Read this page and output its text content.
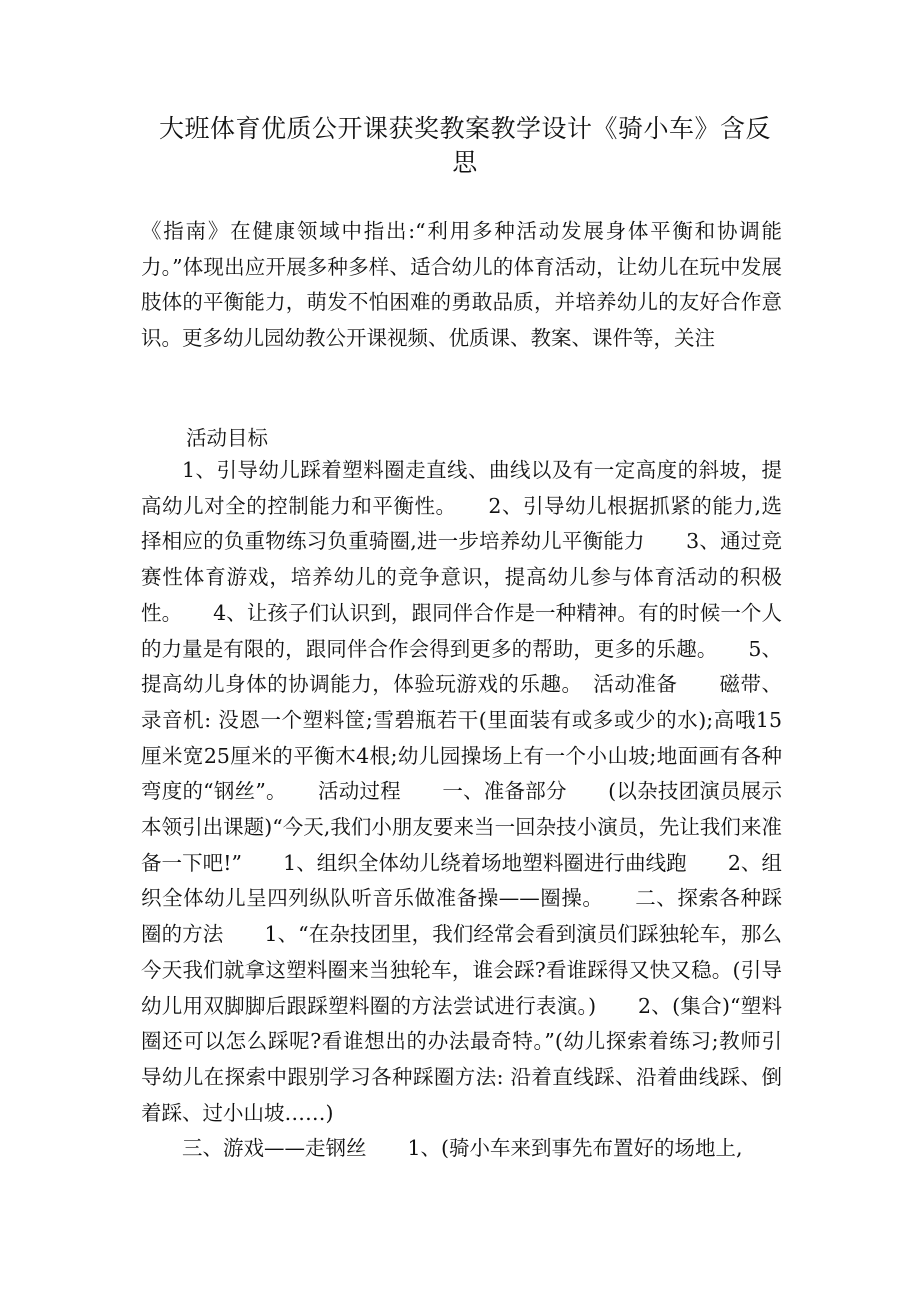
大班体育优质公开课获奖教案教学设计《骑小车》含反思

《指南》在健康领域中指出:“利用多种活动发展身体平衡和协调能力。”体现出应开展多种多样、适合幼儿的体育活动，让幼儿在玩中发展肢体的平衡能力，萌发不怕困难的勇敢品质，并培养幼儿的友好合作意识。更多幼儿园幼教公开课视频、优质课、教案、课件等，关注

活动目标

1、引导幼儿踩着塑料圈走直线、曲线以及有一定高度的斜坡，提高幼儿对全的控制能力和平衡性。　　2、引导幼儿根据抓紧的能力,选择相应的负重物练习负重骑圈,进一步培养幼儿平衡能力　　3、通过竞赛性体育游戏，培养幼儿的竞争意识，提高幼儿参与体育活动的积极性。　　4、让孩子们认识到，跟同伴合作是一种精神。有的时候一个人的力量是有限的，跟同伴合作会得到更多的帮助，更多的乐趣。　　5、提高幼儿身体的协调能力，体验玩游戏的乐趣。　活动准备　　磁带、录音机: 没恩一个塑料筐;雪碧瓶若干(里面装有或多或少的水);高哦15厘米宽25厘米的平衡木4根;幼儿园操场上有一个小山坡;地面画有各种弯度的“钢丝”。　　活动过程　　一、准备部分　　(以杂技团演员展示本领引出课题)“今天,我们小朋友要来当一回杂技小演员，先让我们来准备一下吧!”　　1、组织全体幼儿绕着场地塑料圈进行曲线跑　　2、组织全体幼儿呈四列纵队听音乐做准备操——圈操。　　二、探索各种踩圈的方法　　1、“在杂技团里，我们经常会看到演员们踩独轮车，那么今天我们就拿这塑料圈来当独轮车，谁会踩?看谁踩得又快又稳。(引导幼儿用双脚脚后跟踩塑料圈的方法尝试进行表演。)　　2、(集合)“塑料圈还可以怎么踩呢?看谁想出的办法最奇特。”(幼儿探索着练习;教师引导幼儿在探索中跟别学习各种踩圈方法: 沿着直线踩、沿着曲线踩、倒着踩、过小山坡……)

三、游戏——走钢丝　　1、(骑小车来到事先布置好的场地上,
